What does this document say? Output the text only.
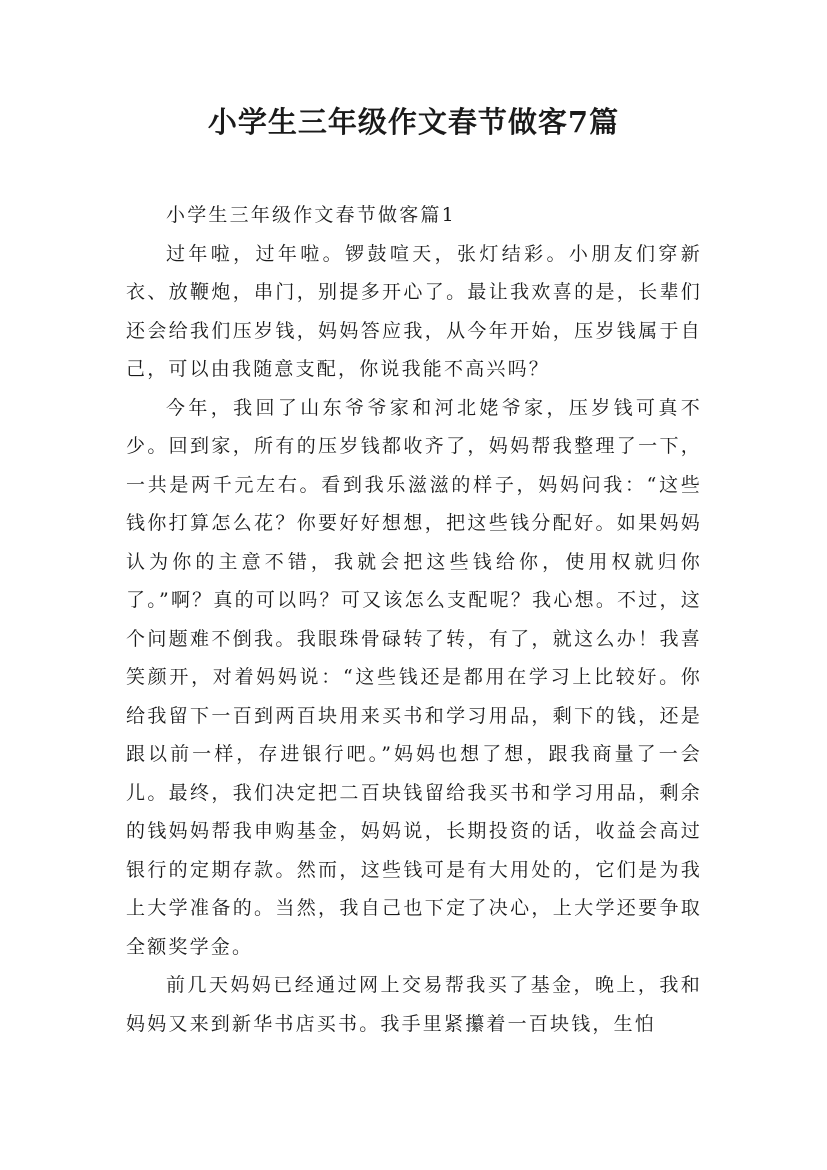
小学生三年级作文春节做客7篇
小学生三年级作文春节做客篇1

过年啦，过年啦。锣鼓喧天，张灯结彩。小朋友们穿新衣、放鞭炮，串门，别提多开心了。最让我欢喜的是，长辈们还会给我们压岁钱，妈妈答应我，从今年开始，压岁钱属于自己，可以由我随意支配，你说我能不高兴吗？

今年，我回了山东爷爷家和河北姥爷家，压岁钱可真不少。回到家，所有的压岁钱都收齐了，妈妈帮我整理了一下，一共是两千元左右。看到我乐滋滋的样子，妈妈问我：“这些钱你打算怎么花？你要好好想想，把这些钱分配好。如果妈妈认为你的主意不错，我就会把这些钱给你，使用权就归你了。”啊？真的可以吗？可又该怎么支配呢？我心想。不过，这个问题难不倒我。我眼珠骨碌转了转，有了，就这么办！我喜笑颜开，对着妈妈说：“这些钱还是都用在学习上比较好。你给我留下一百到两百块用来买书和学习用品，剩下的钱，还是跟以前一样，存进银行吧。”妈妈也想了想，跟我商量了一会儿。最终，我们决定把二百块钱留给我买书和学习用品，剩余的钱妈妈帮我申购基金，妈妈说，长期投资的话，收益会高过银行的定期存款。然而，这些钱可是有大用处的，它们是为我上大学准备的。当然，我自己也下定了决心，上大学还要争取全额奖学金。

前几天妈妈已经通过网上交易帮我买了基金，晚上，我和妈妈又来到新华书店买书。我手里紧攥着一百块钱，生怕
